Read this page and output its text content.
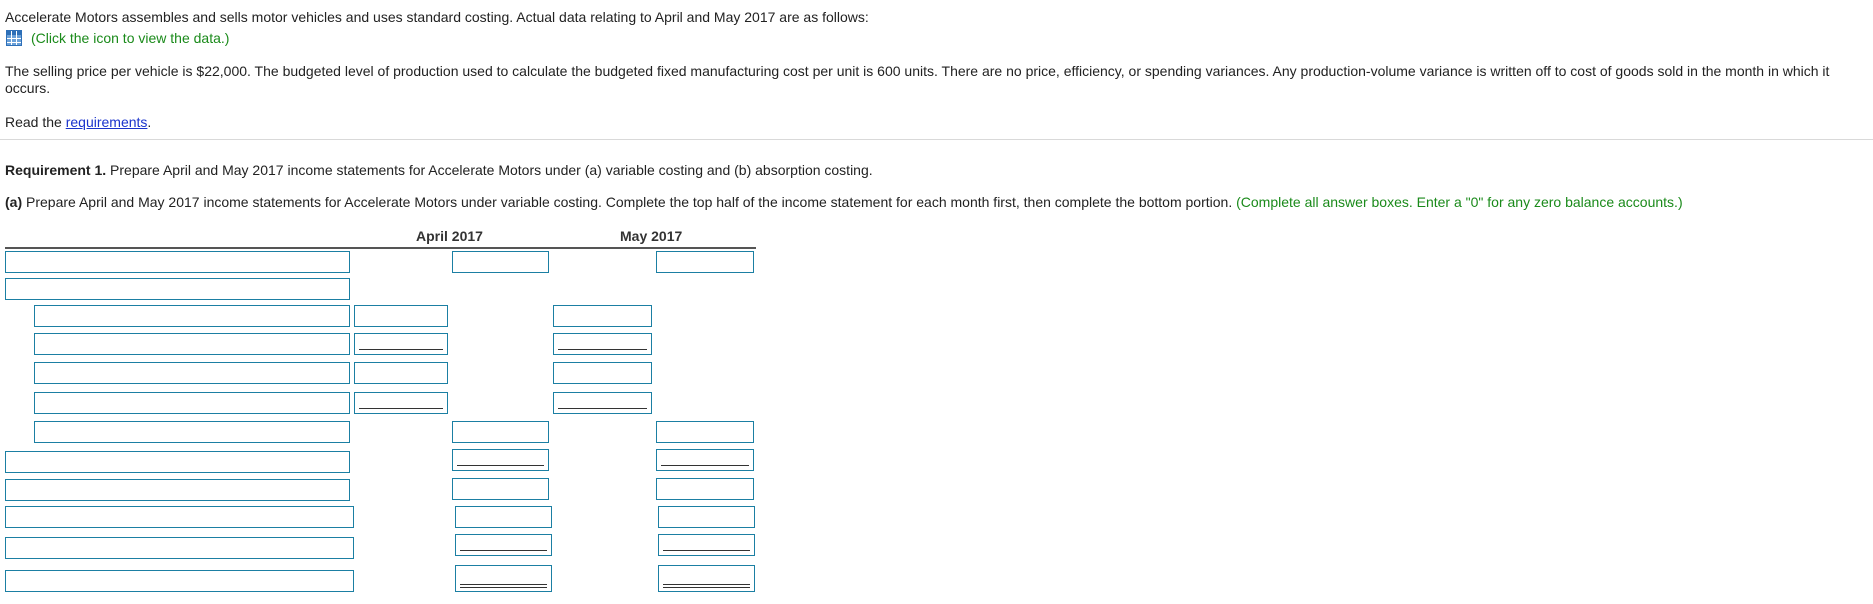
Accelerate Motors assembles and sells motor vehicles and uses standard costing. Actual data relating to April and May 2017 are as follows:
(Click the icon to view the data.)
The selling price per vehicle is $22,000. The budgeted level of production used to calculate the budgeted fixed manufacturing cost per unit is 600 units. There are no price, efficiency, or spending variances. Any production-volume variance is written off to cost of goods sold in the month in which it occurs.
Read the requirements.
Requirement 1. Prepare April and May 2017 income statements for Accelerate Motors under (a) variable costing and (b) absorption costing.
(a) Prepare April and May 2017 income statements for Accelerate Motors under variable costing. Complete the top half of the income statement for each month first, then complete the bottom portion. (Complete all answer boxes. Enter a "0" for any zero balance accounts.)
April 2017	May 2017
